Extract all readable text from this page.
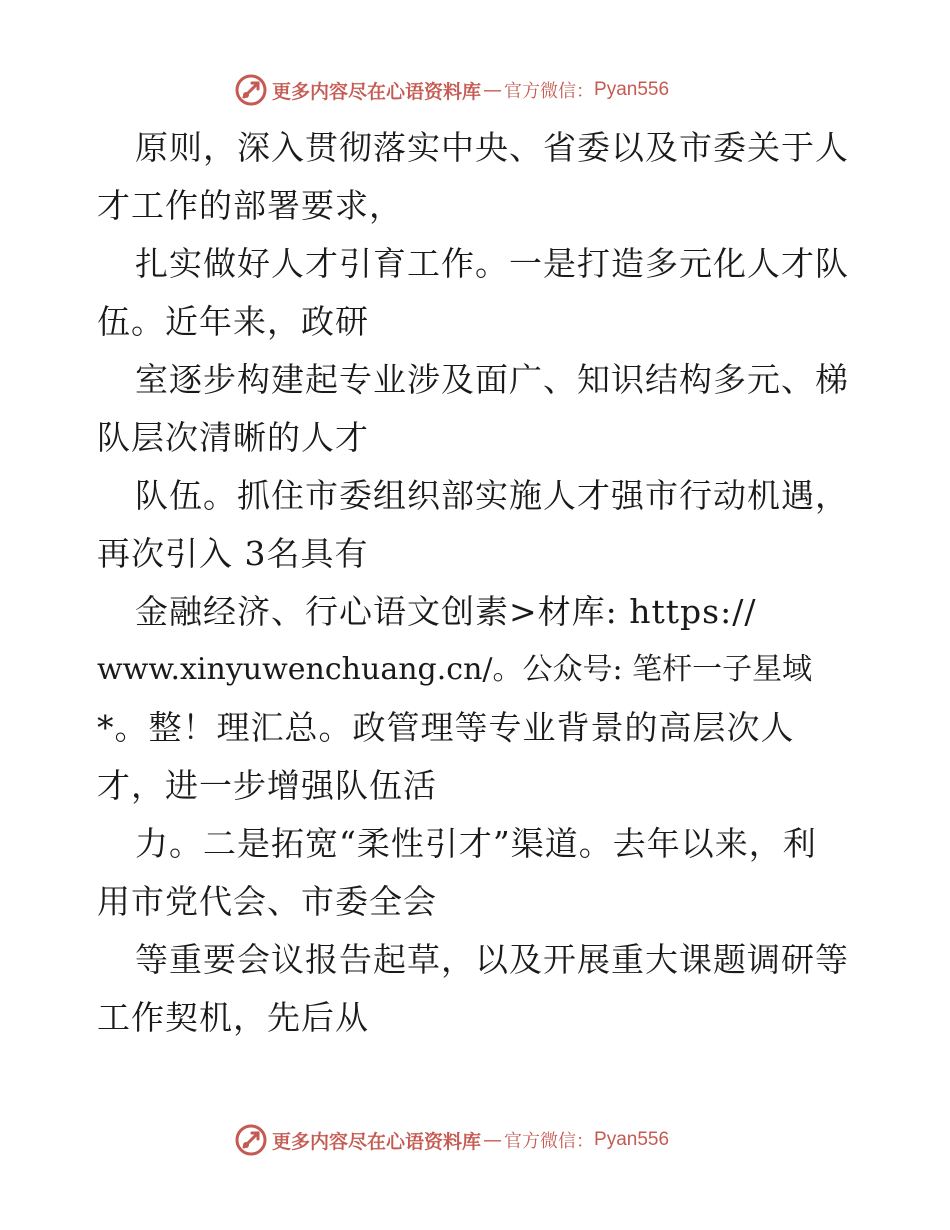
更多内容尽在心语资料库 — 官方微信： Pyan556
原则，深入贯彻落实中央、省委以及市委关于人
才工作的部署要求，
扎实做好人才引育工作。一是打造多元化人才队
伍。近年来，政研
室逐步构建起专业涉及面广、知识结构多元、梯
队层次清晰的人才
队伍。抓住市委组织部实施人才强市行动机遇，
再次引入 3名具有
金融经济、行心语文创素>材库: https://
www.xinyuwenchuang.cn/。公众号: 笔杆一子星域
*。整！理汇总。政管理等专业背景的高层次人
才，进一步增强队伍活
力。二是拓宽“柔性引才”渠道。去年以来，利
用市党代会、市委全会
等重要会议报告起草，以及开展重大课题调研等
工作契机，先后从
更多内容尽在心语资料库 — 官方微信： Pyan556
